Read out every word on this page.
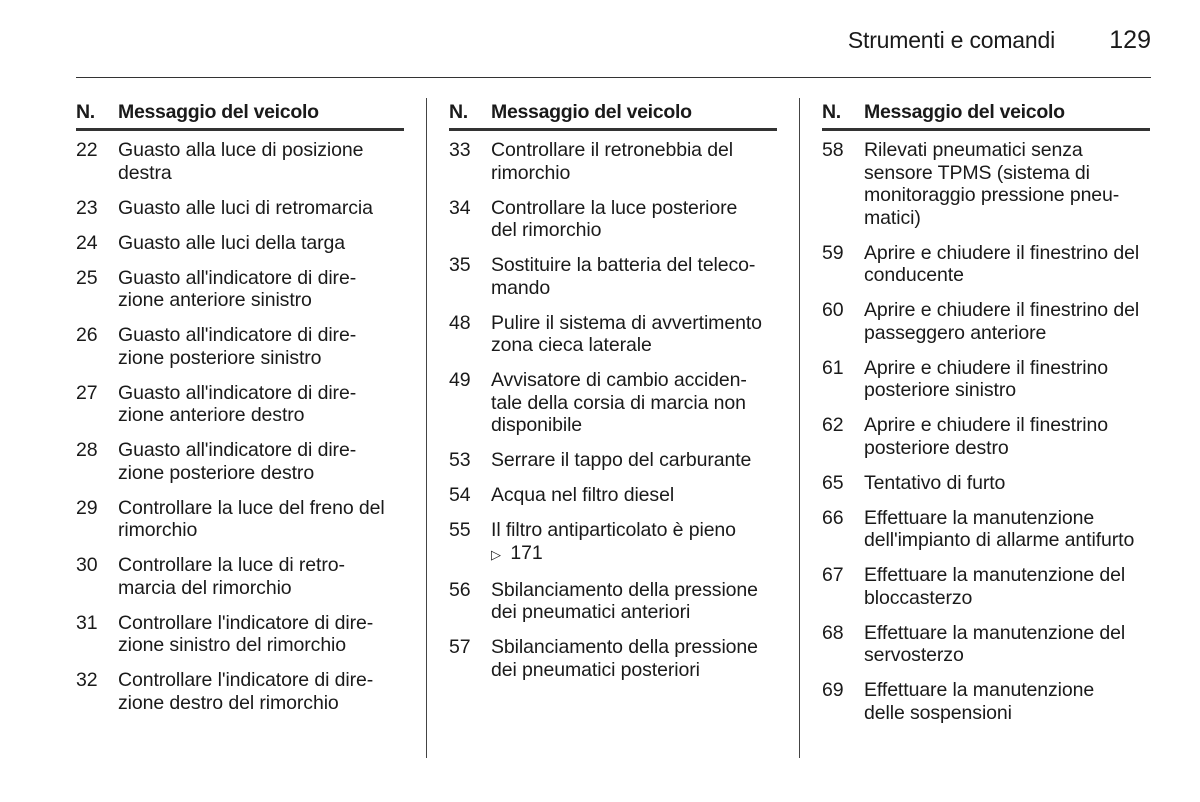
Strumenti e comandi 129
N.	Messaggio del veicolo
22	Guasto alla luce di posizione
destra
23	Guasto alle luci di retromarcia
24	Guasto alle luci della targa
25	Guasto all'indicatore di dire-
zione anteriore sinistro
26	Guasto all'indicatore di dire-
zione posteriore sinistro
27	Guasto all'indicatore di dire-
zione anteriore destro
28	Guasto all'indicatore di dire-
zione posteriore destro
29	Controllare la luce del freno del
rimorchio
30	Controllare la luce di retro-
marcia del rimorchio
31	Controllare l'indicatore di dire-
zione sinistro del rimorchio
32	Controllare l'indicatore di dire-
zione destro del rimorchio
N.	Messaggio del veicolo
33	Controllare il retronebbia del
rimorchio
34	Controllare la luce posteriore
del rimorchio
35	Sostituire la batteria del teleco-
mando
48	Pulire il sistema di avvertimento
zona cieca laterale
49	Avvisatore di cambio acciden-
tale della corsia di marcia non
disponibile
53	Serrare il tappo del carburante
54	Acqua nel filtro diesel
55	Il filtro antiparticolato è pieno
▷ 171
56	Sbilanciamento della pressione
dei pneumatici anteriori
57	Sbilanciamento della pressione
dei pneumatici posteriori
N.	Messaggio del veicolo
58	Rilevati pneumatici senza
sensore TPMS (sistema di
monitoraggio pressione pneu-
matici)
59	Aprire e chiudere il finestrino del
conducente
60	Aprire e chiudere il finestrino del
passeggero anteriore
61	Aprire e chiudere il finestrino
posteriore sinistro
62	Aprire e chiudere il finestrino
posteriore destro
65	Tentativo di furto
66	Effettuare la manutenzione
dell'impianto di allarme antifurto
67	Effettuare la manutenzione del
bloccasterzo
68	Effettuare la manutenzione del
servosterzo
69	Effettuare la manutenzione
delle sospensioni
